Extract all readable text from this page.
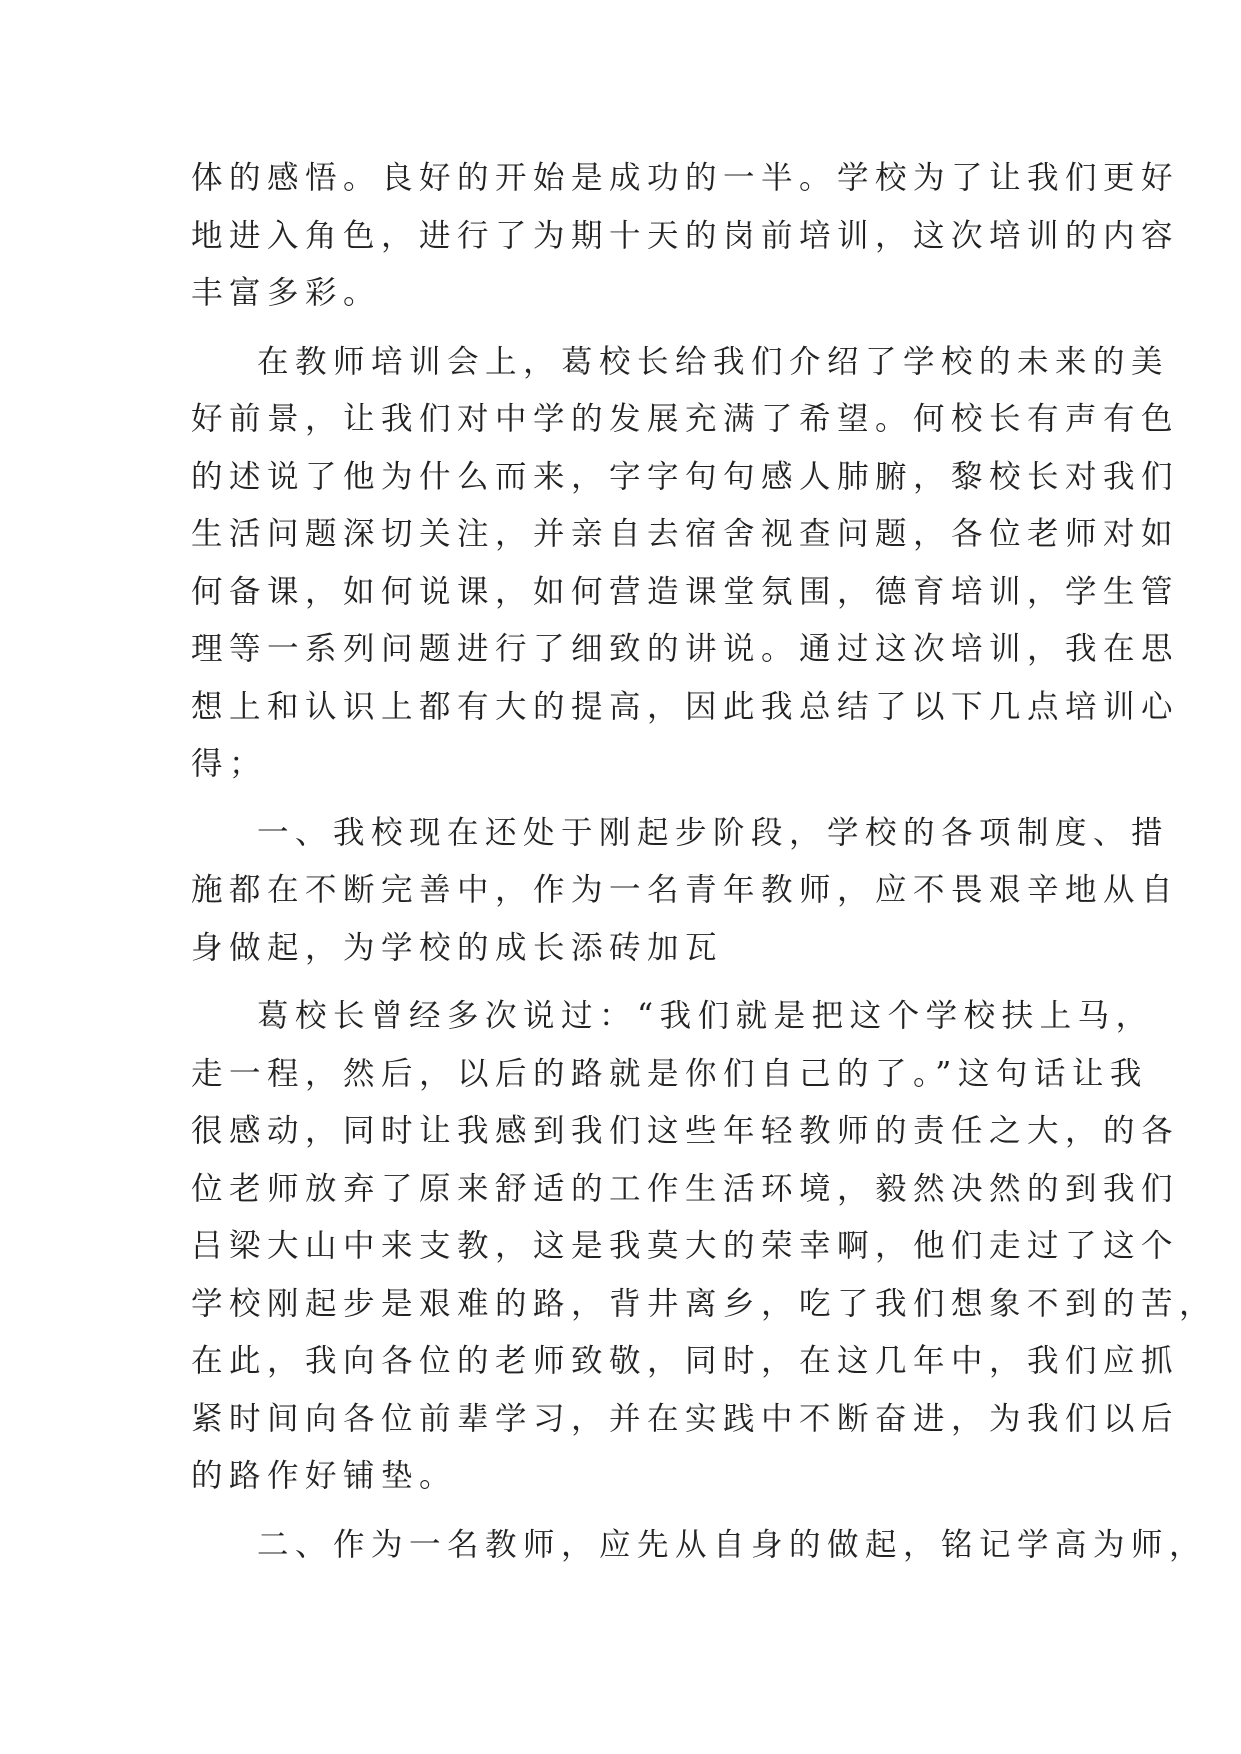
体的感悟。良好的开始是成功的一半。学校为了让我们更好
地进入角色，进行了为期十天的岗前培训，这次培训的内容
丰富多彩。
在教师培训会上，葛校长给我们介绍了学校的未来的美
好前景，让我们对中学的发展充满了希望。何校长有声有色
的述说了他为什么而来，字字句句感人肺腑，黎校长对我们
生活问题深切关注，并亲自去宿舍视查问题，各位老师对如
何备课，如何说课，如何营造课堂氛围，德育培训，学生管
理等一系列问题进行了细致的讲说。通过这次培训，我在思
想上和认识上都有大的提高，因此我总结了以下几点培训心
得；
一、我校现在还处于刚起步阶段，学校的各项制度、措
施都在不断完善中，作为一名青年教师，应不畏艰辛地从自
身做起，为学校的成长添砖加瓦
葛校长曾经多次说过：“我们就是把这个学校扶上马，
走一程，然后，以后的路就是你们自己的了。”这句话让我
很感动，同时让我感到我们这些年轻教师的责任之大，的各
位老师放弃了原来舒适的工作生活环境，毅然决然的到我们
吕梁大山中来支教，这是我莫大的荣幸啊，他们走过了这个
学校刚起步是艰难的路，背井离乡，吃了我们想象不到的苦，
在此，我向各位的老师致敬，同时，在这几年中，我们应抓
紧时间向各位前辈学习，并在实践中不断奋进，为我们以后
的路作好铺垫。
二、作为一名教师，应先从自身的做起，铭记学高为师，
